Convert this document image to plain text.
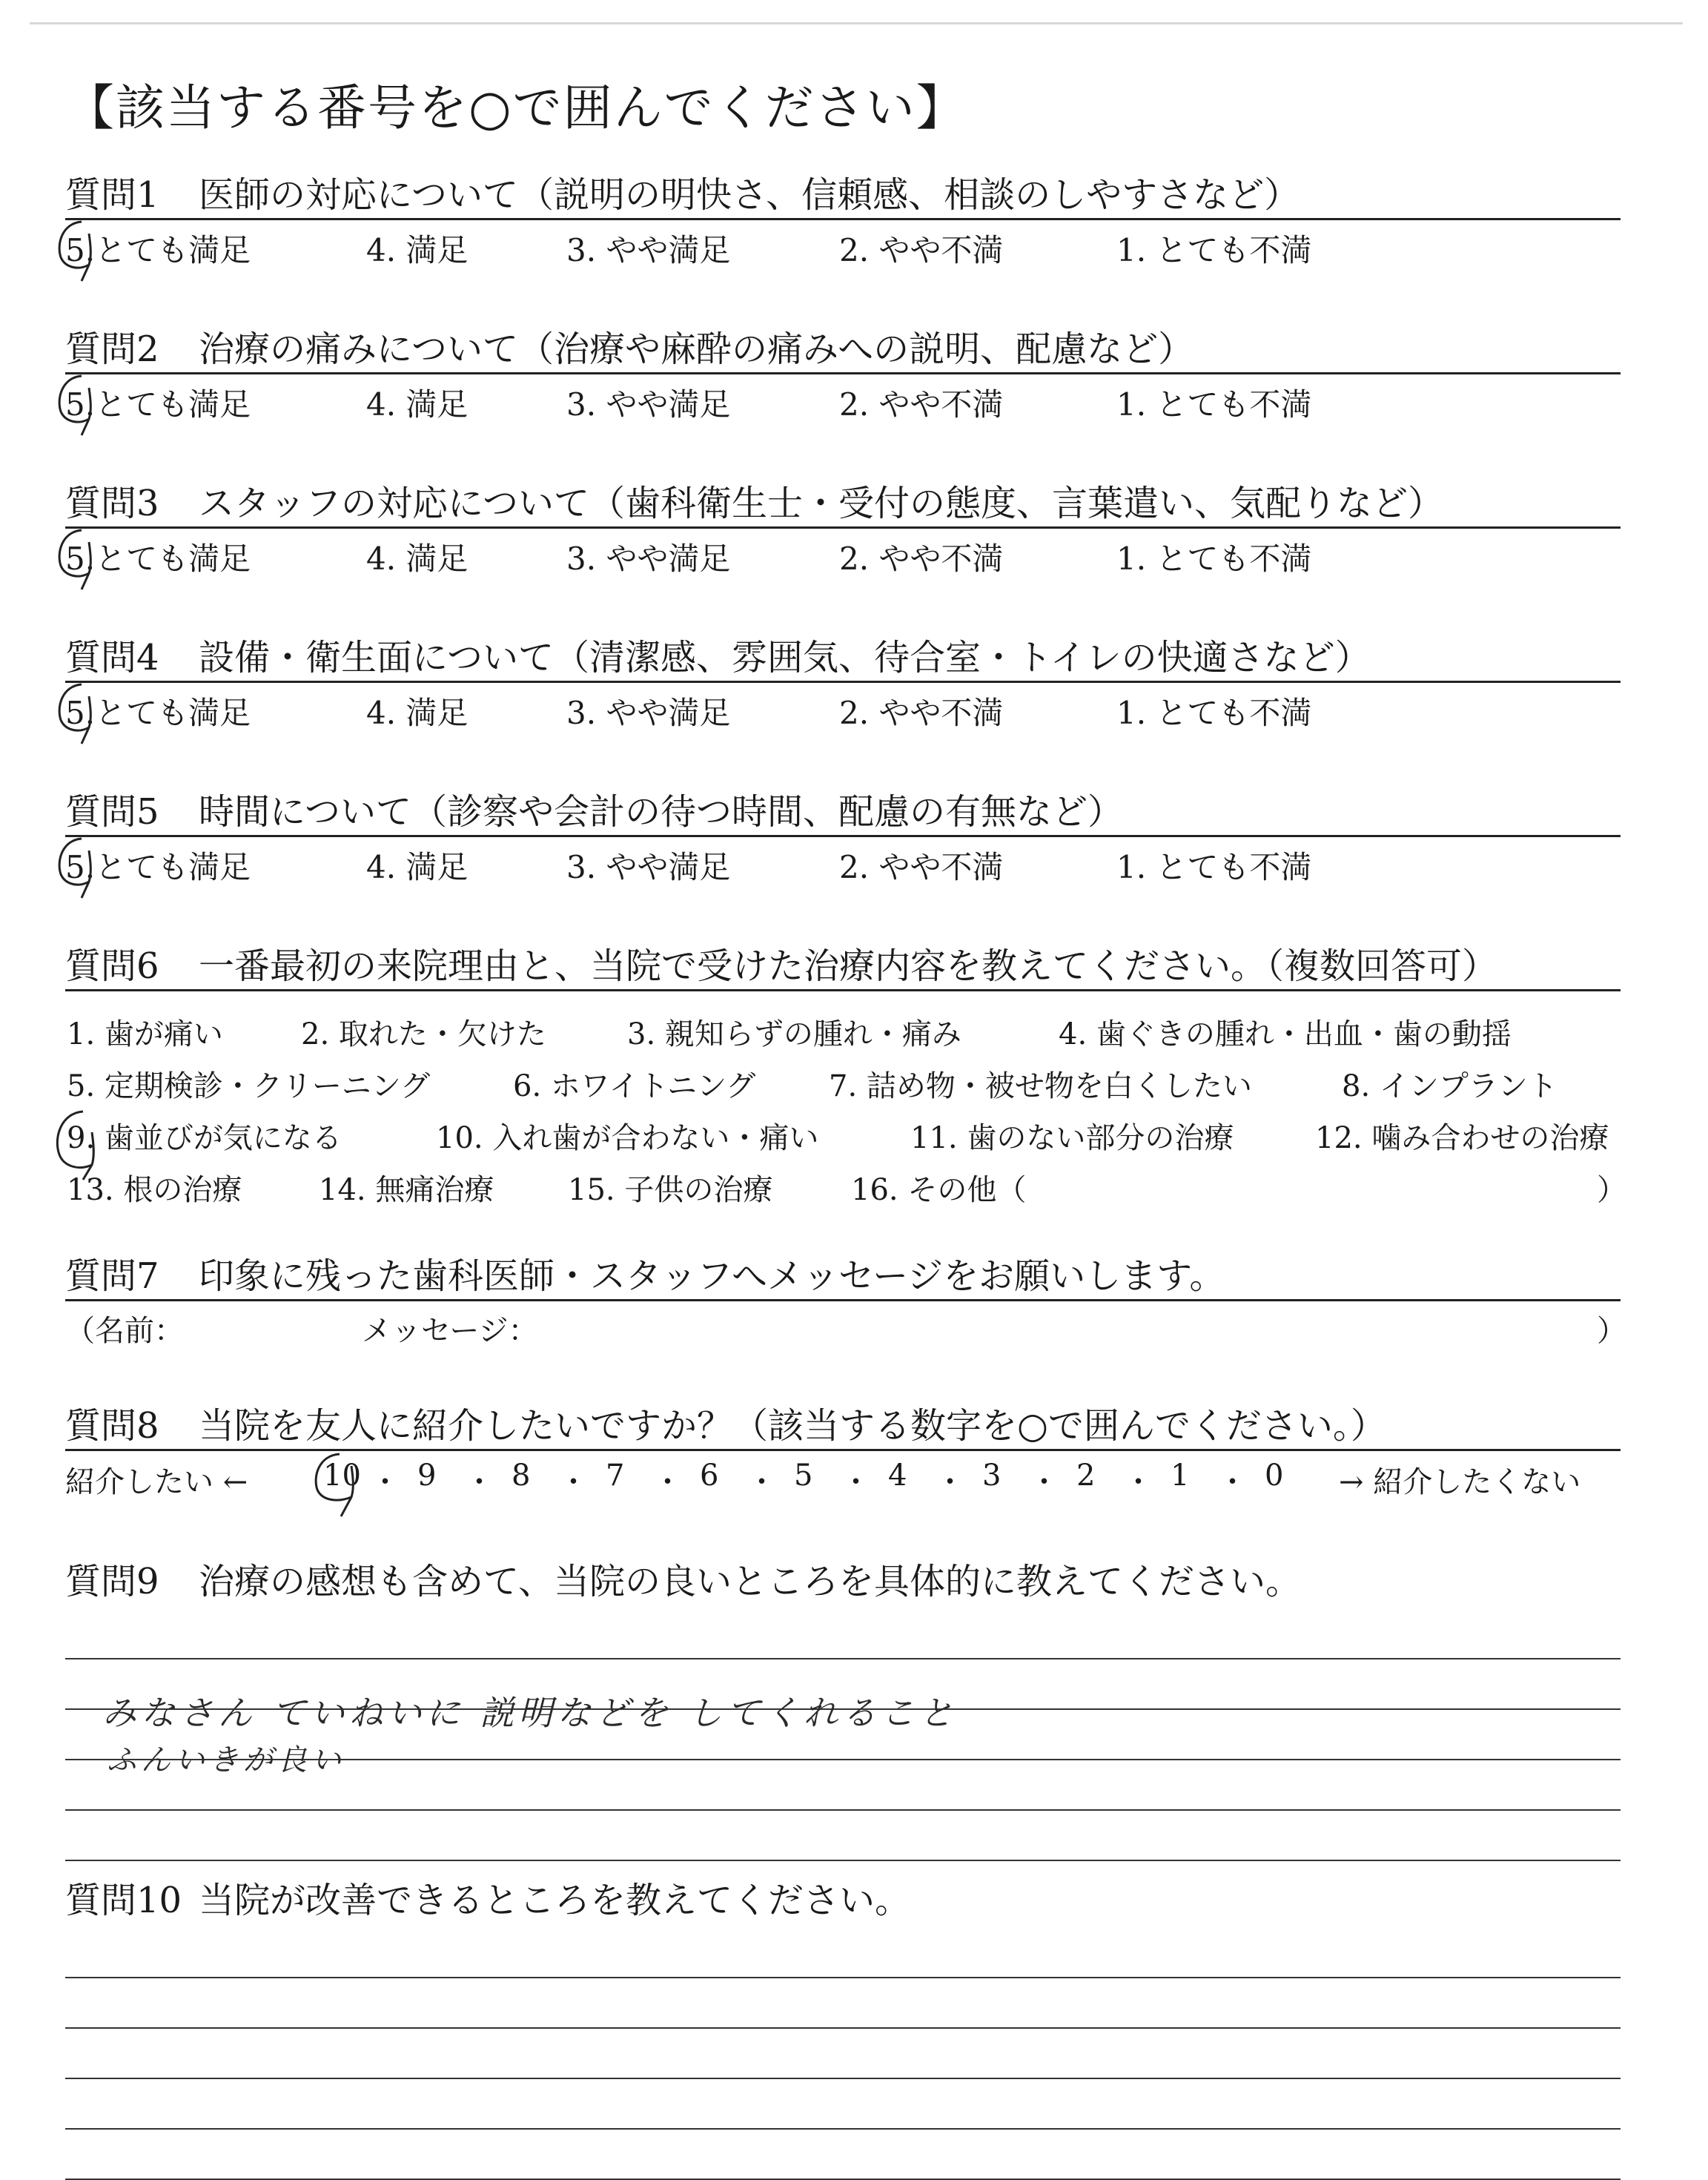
【該当する番号を○で囲んでください】
質問1 医師の対応について（説明の明快さ、信頼感、相談のしやすさなど）
5.とても満足	4. 満足	3. やや満足	2. やや不満	1. とても不満
質問2 治療の痛みについて（治療や麻酔の痛みへの説明、配慮など）
5.とても満足	4. 満足	3. やや満足	2. やや不満	1. とても不満
質問3 スタッフの対応について（歯科衛生士・受付の態度、言葉遣い、気配りなど）
5.とても満足	4. 満足	3. やや満足	2. やや不満	1. とても不満
質問4 設備・衛生面について（清潔感、雰囲気、待合室・トイレの快適さなど）
5.とても満足	4. 満足	3. やや満足	2. やや不満	1. とても不満
質問5 時間について（診察や会計の待つ時間、配慮の有無など）
5.とても満足	4. 満足	3. やや満足	2. やや不満	1. とても不満
質問6 一番最初の来院理由と、当院で受けた治療内容を教えてください。（複数回答可）
1. 歯が痛い	2. 取れた・欠けた	3. 親知らずの腫れ・痛み	4. 歯ぐきの腫れ・出血・歯の動揺
5. 定期検診・クリーニング	6. ホワイトニング 7. 詰め物・被せ物を白くしたい	8. インプラント
9. 歯並びが気になる	10. 入れ歯が合わない・痛い	11. 歯のない部分の治療	12. 噛み合わせの治療
13. 根の治療	14. 無痛治療 15. 子供の治療	16. その他（	）
質問7 印象に残った歯科医師・スタッフへメッセージをお願いします。
（名前：	メッセージ：	）
質問8 当院を友人に紹介したいですか？（該当する数字を○で囲んでください。）
紹介したい ←	→ 紹介したくない
10 ・ 9 ・ 8 ・ 7 ・ 6 ・ 5 ・ 4 ・ 3 ・ 2 ・ 1 ・ 0
質問9 治療の感想も含めて、当院の良いところを具体的に教えてください。
みなさん ていねいに 説明などを してくれること
ふんいきが良い
質問10 当院が改善できるところを教えてください。
